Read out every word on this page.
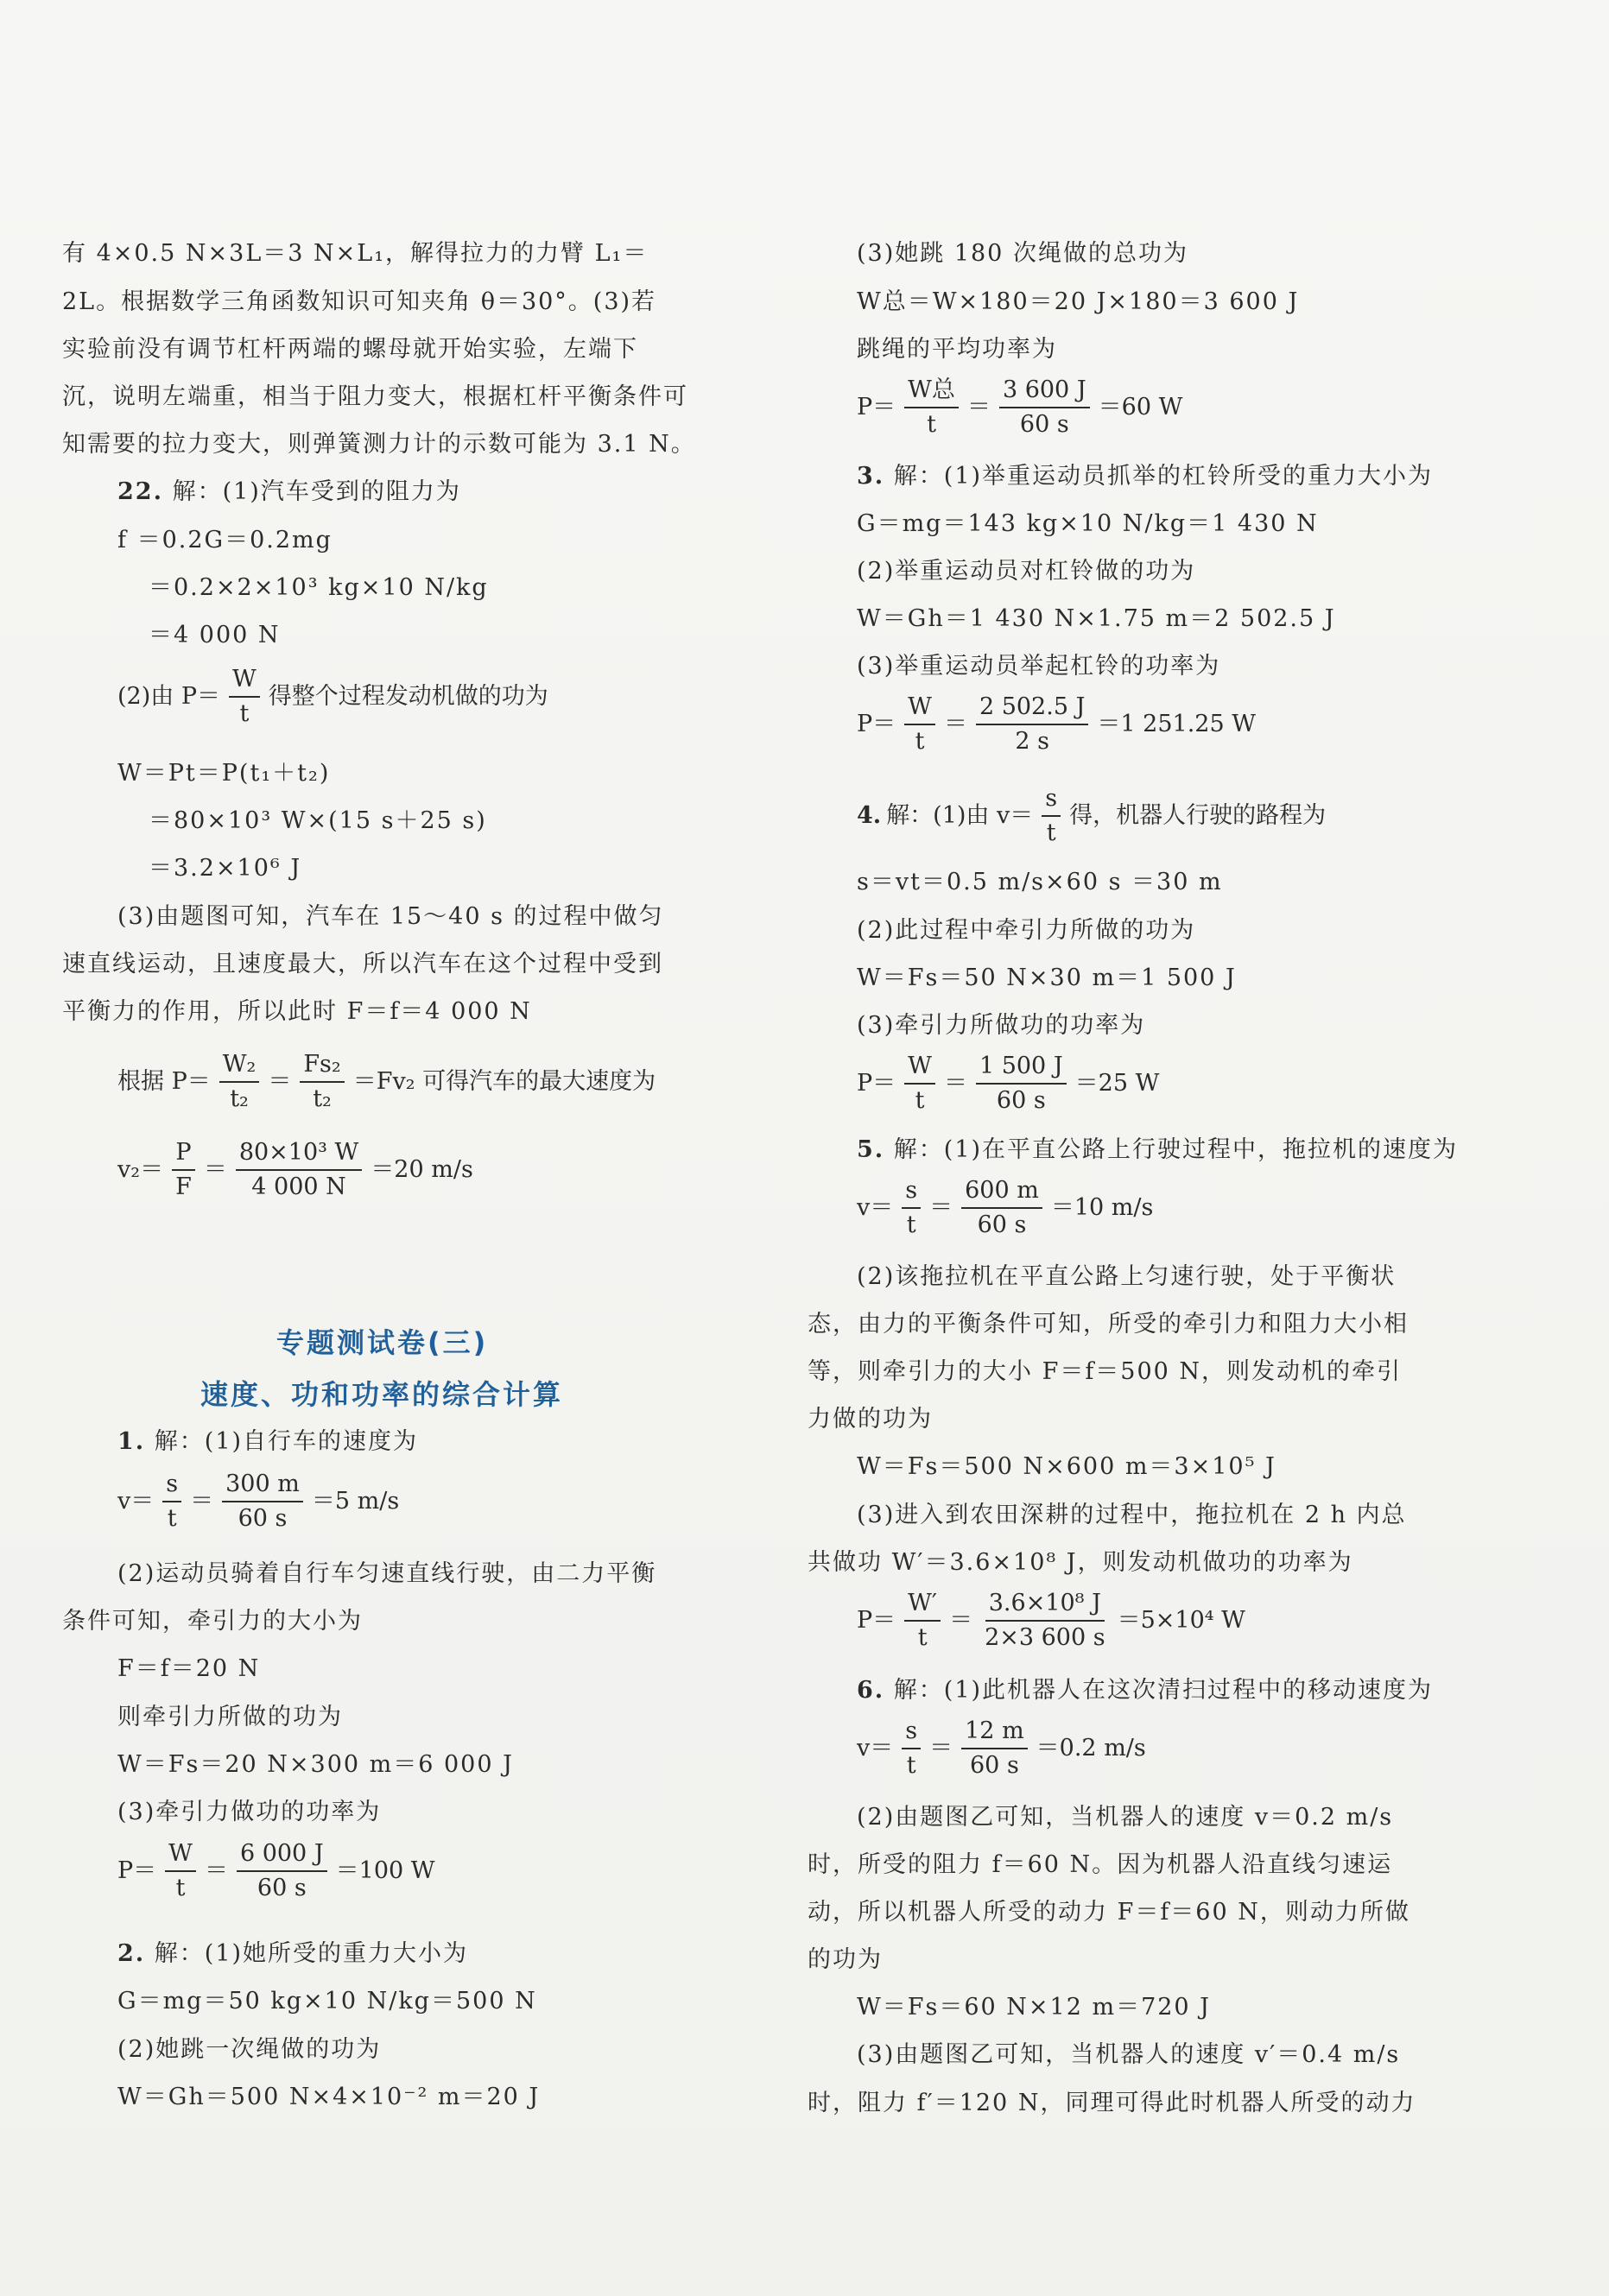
有 4×0.5 N×3L＝3 N×L₁，解得拉力的力臂 L₁＝
2L。根据数学三角函数知识可知夹角 θ＝30°。(3)若
实验前没有调节杠杆两端的螺母就开始实验，左端下
沉，说明左端重，相当于阻力变大，根据杠杆平衡条件可
知需要的拉力变大，则弹簧测力计的示数可能为 3.1 N。
22. 解：(1)汽车受到的阻力为
f ＝0.2G＝0.2mg
＝0.2×2×10³ kg×10 N/kg
＝4 000 N
(2)由 $P= \frac{W}{t}$ 得整个过程发动机做的功为
W＝Pt＝P(t₁＋t₂)
＝80×10³ W×(15 s＋25 s)
＝3.2×10⁶ J
(3)由题图可知，汽车在 15～40 s 的过程中做匀
速直线运动，且速度最大，所以汽车在这个过程中受到
平衡力的作用，所以此时 F＝f＝4 000 N
根据 $P= \frac{\text{W₂}}{\text{t₂}} = \frac{\text{Fs₂}}{\text{t₂}} =Fv_2$ 可得汽车的最大速度为
$v_2= \frac{P}{F} = \frac{\text{80×10³ W}}{4 000 N} =20$ m/s
专题测试卷(三)
速度、功和功率的综合计算
1. 解：(1)自行车的速度为
$v= \frac{s}{t} = \frac{300 m}{60 s} =5$ m/s
(2)运动员骑着自行车匀速直线行驶，由二力平衡
条件可知，牵引力的大小为
F＝f＝20 N
则牵引力所做的功为
W＝Fs＝20 N×300 m＝6 000 J
(3)牵引力做功的功率为
$P= \frac{W}{t} = \frac{6 000 J}{60 s} =100$ W
2. 解：(1)她所受的重力大小为
G＝mg＝50 kg×10 N/kg＝500 N
(2)她跳一次绳做的功为
W＝Gh＝500 N×4×10⁻² m＝20 J
(3)她跳 180 次绳做的总功为
W总＝W×180＝20 J×180＝3 600 J
跳绳的平均功率为
$P= \frac{\text{W总}}{t} = \frac{3 600 J}{60 s} =60$ W
3. 解：(1)举重运动员抓举的杠铃所受的重力大小为
G＝mg＝143 kg×10 N/kg＝1 430 N
(2)举重运动员对杠铃做的功为
W＝Gh＝1 430 N×1.75 m＝2 502.5 J
(3)举重运动员举起杠铃的功率为
$P= \frac{W}{t} = \frac{2 502.5 J}{2 s} =1$ 251.25 W
4. 解：(1)由 $v= \frac{s}{t}$ 得，机器人行驶的路程为
s＝vt＝0.5 m/s×60 s ＝30 m
(2)此过程中牵引力所做的功为
W＝Fs＝50 N×30 m＝1 500 J
(3)牵引力所做功的功率为
$P= \frac{W}{t} = \frac{1 500 J}{60 s} =25$ W
5. 解：(1)在平直公路上行驶过程中，拖拉机的速度为
$v= \frac{s}{t} = \frac{600 m}{60 s} =10$ m/s
(2)该拖拉机在平直公路上匀速行驶，处于平衡状
态，由力的平衡条件可知，所受的牵引力和阻力大小相
等，则牵引力的大小 F＝f＝500 N，则发动机的牵引
力做的功为
W＝Fs＝500 N×600 m＝3×10⁵ J
(3)进入到农田深耕的过程中，拖拉机在 2 h 内总
共做功 W′＝3.6×10⁸ J，则发动机做功的功率为
$P= \frac{W'}{t} = \frac{\text{3.6×10⁸ J}}{2\times 3 600 s} =5\times 10^4$ W
6. 解：(1)此机器人在这次清扫过程中的移动速度为
$v= \frac{s}{t} = \frac{12 m}{60 s} =0.2$ m/s
(2)由题图乙可知，当机器人的速度 v＝0.2 m/s
时，所受的阻力 f＝60 N。因为机器人沿直线匀速运
动，所以机器人所受的动力 F＝f＝60 N，则动力所做
的功为
W＝Fs＝60 N×12 m＝720 J
(3)由题图乙可知，当机器人的速度 v′＝0.4 m/s
时，阻力 f′＝120 N，同理可得此时机器人所受的动力
